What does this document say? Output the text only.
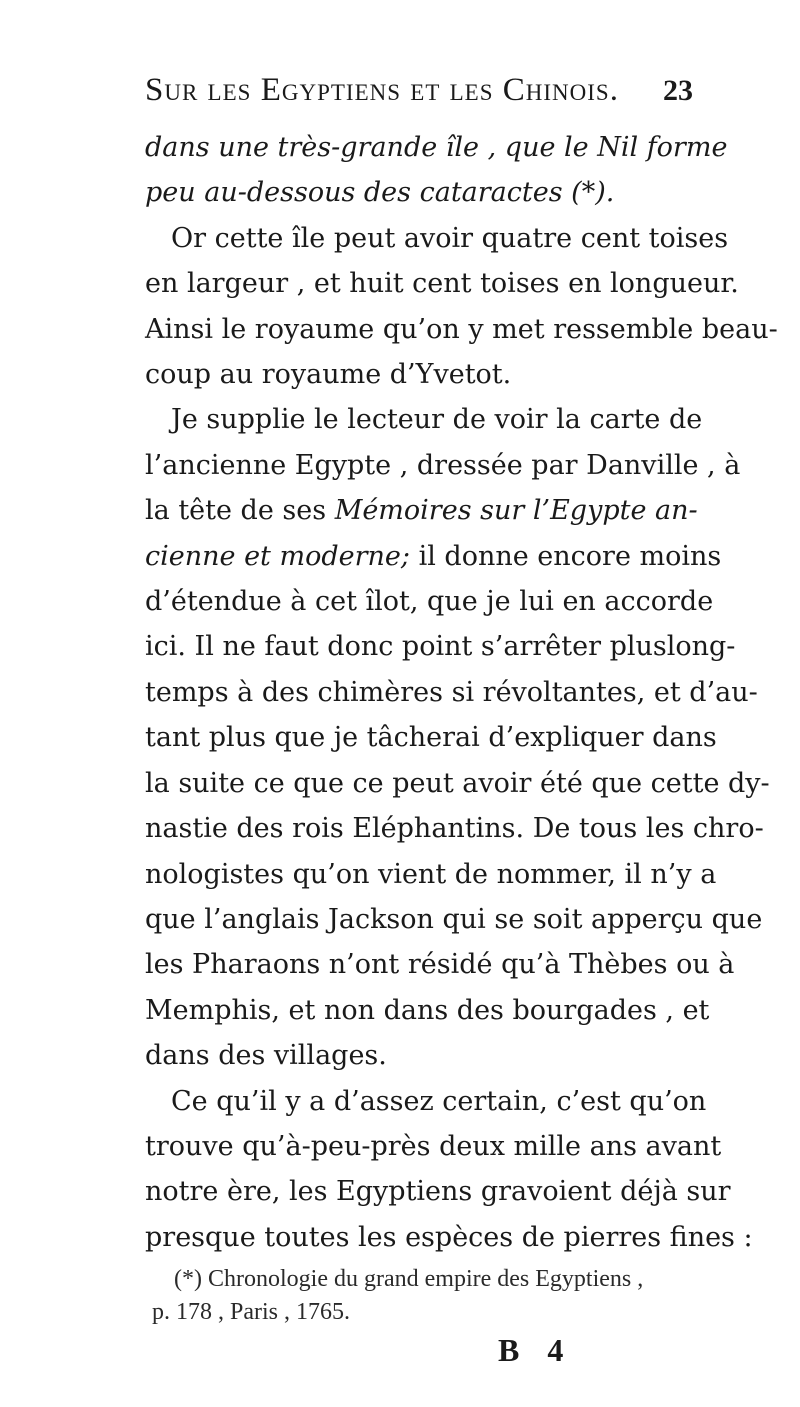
Sur les Egyptiens et les Chinois. 23
dans une très-grande île , que le Nil forme
peu au-dessous des cataractes (*).
Or cette île peut avoir quatre cent toises
en largeur , et huit cent toises en longueur.
Ainsi le royaume qu’on y met ressemble beau-
coup au royaume d’Yvetot.
Je supplie le lecteur de voir la carte de
l’ancienne Egypte , dressée par Danville , à
la tête de ses Mémoires sur l’Egypte an-
cienne et moderne; il donne encore moins
d’étendue à cet îlot, que je lui en accorde
ici. Il ne faut donc point s’arrêter pluslong-
temps à des chimères si révoltantes, et d’au-
tant plus que je tâcherai d’expliquer dans
la suite ce que ce peut avoir été que cette dy-
nastie des rois Eléphantins. De tous les chro-
nologistes qu’on vient de nommer, il n’y a
que l’anglais Jackson qui se soit apperçu que
les Pharaons n’ont résidé qu’à Thèbes ou à
Memphis, et non dans des bourgades , et
dans des villages.
Ce qu’il y a d’assez certain, c’est qu’on
trouve qu’à-peu-près deux mille ans avant
notre ère, les Egyptiens gravoient déjà sur
presque toutes les espèces de pierres fines :
(*) Chronologie du grand empire des Egyptiens ,
p. 178 , Paris , 1765.
B 4
